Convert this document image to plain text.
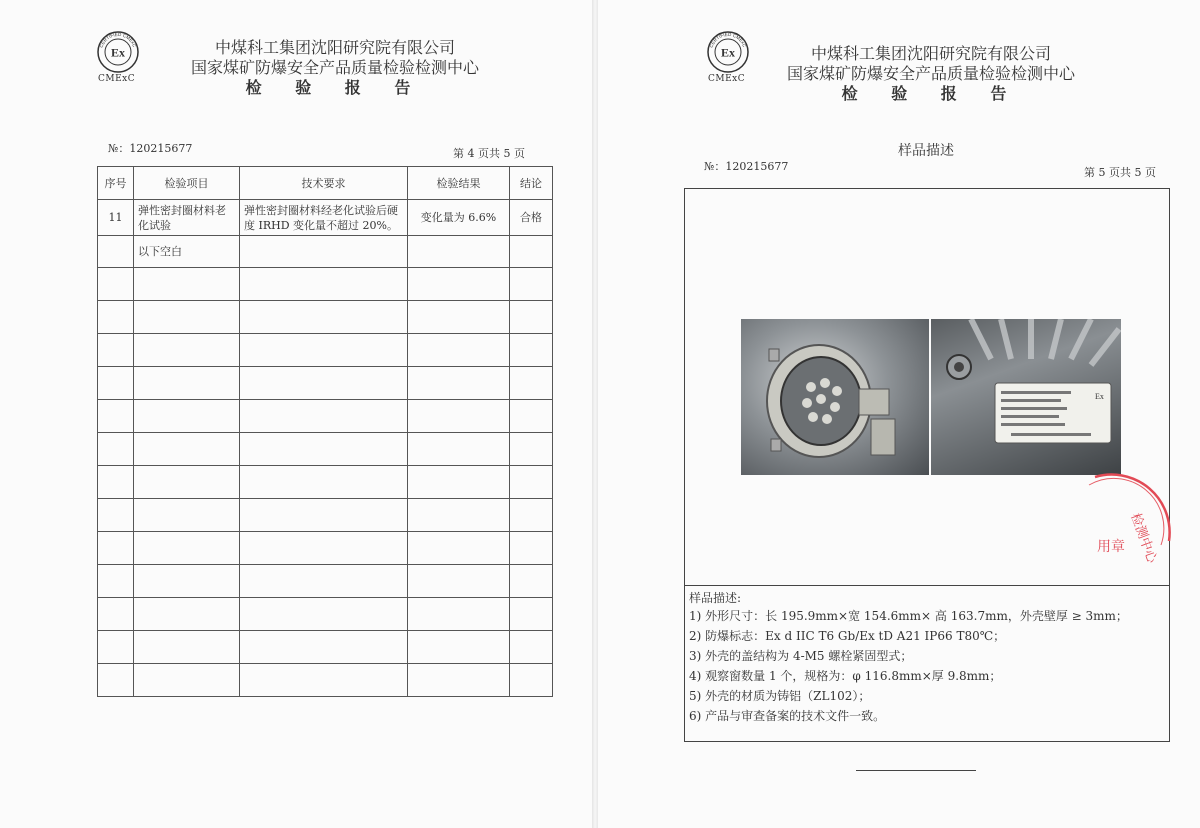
CERTIFIED CMExC
Ex
CMExC
中煤科工集团沈阳研究院有限公司
国家煤矿防爆安全产品质量检验检测中心
检 验 报 告
№：120215677	第 4 页共 5 页
序号	检验项目	技术要求	检验结果	结论
11	弹性密封圈材料老化试验	弹性密封圈材料经老化试验后硬度 IRHD 变化量不超过 20%。	变化量为 6.6%	合格
	以下空白			

CERTIFIED CMExC
Ex
CMExC
中煤科工集团沈阳研究院有限公司
国家煤矿防爆安全产品质量检验检测中心
检 验 报 告
样品描述
№：120215677	第 5 页共 5 页
Ex
检测中心
用章
样品描述:
1) 外形尺寸：长 195.9mm×宽 154.6mm× 高 163.7mm，外壳壁厚 ≥ 3mm；
2) 防爆标志：Ex d IIC T6 Gb/Ex tD A21 IP66 T80℃；
3) 外壳的盖结构为 4-M5 螺栓紧固型式；
4) 观察窗数量 1 个，规格为：φ 116.8mm×厚 9.8mm；
5) 外壳的材质为铸铝（ZL102）；
6) 产品与审查备案的技术文件一致。
